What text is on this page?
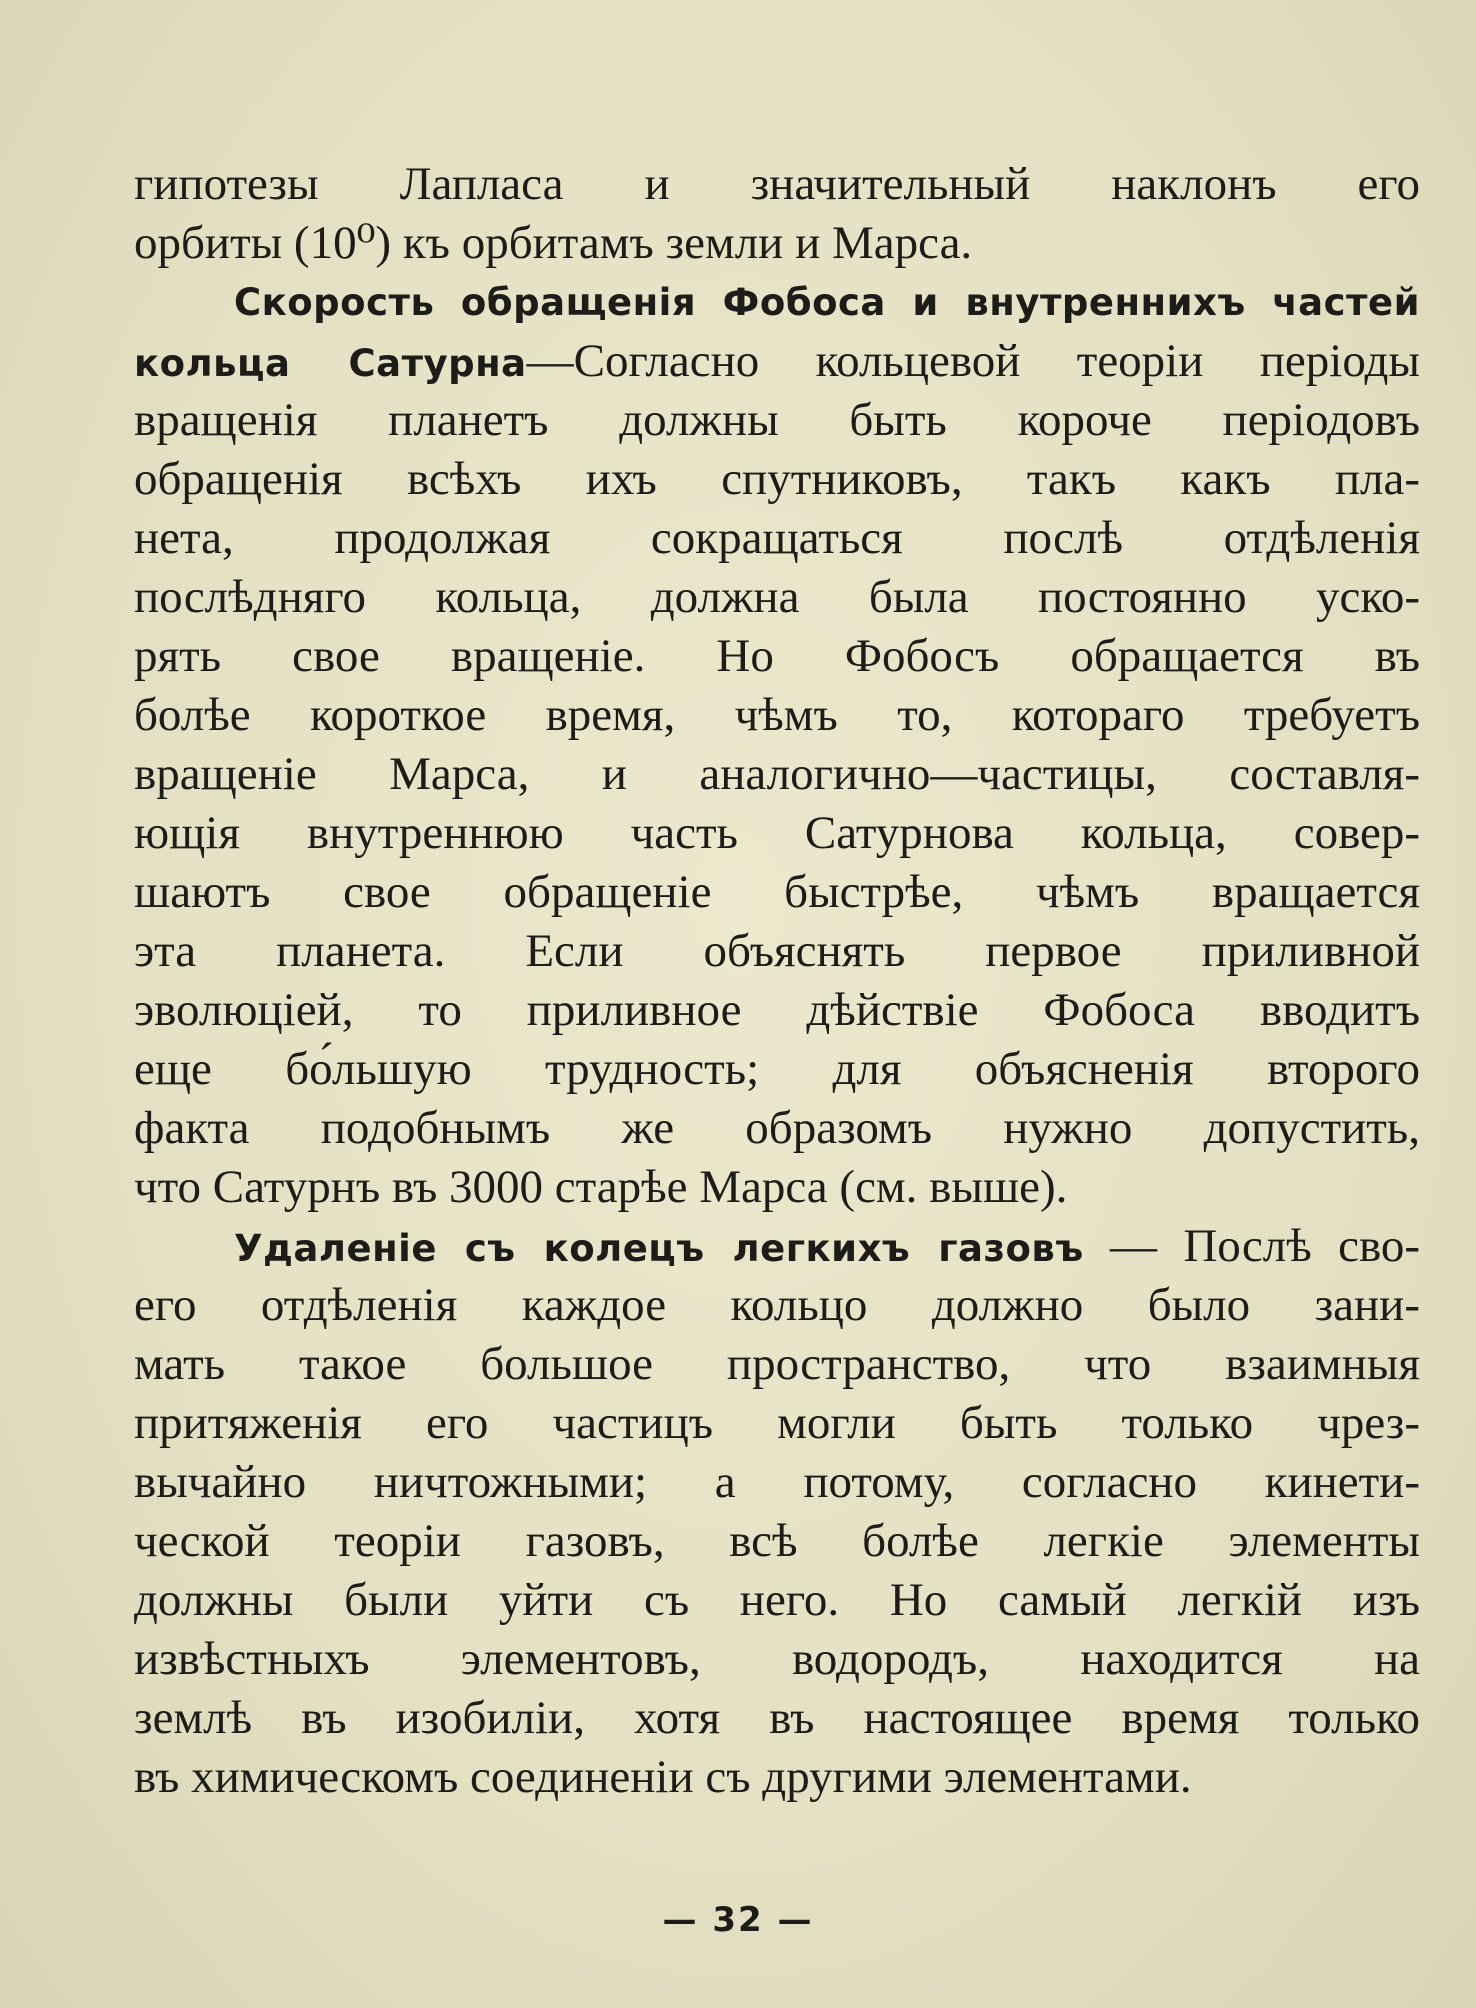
гипотезы Лапласа и значительный наклонъ его
орбиты (10⁰) къ орбитамъ земли и Марса.
Скорость обращенія Фобоса и внутреннихъ частей
кольца Сатурна—Согласно кольцевой теоріи періоды
вращенія планетъ должны быть короче періодовъ
обращенія всѣхъ ихъ спутниковъ, такъ какъ пла-
нета, продолжая сокращаться послѣ отдѣленія
послѣдняго кольца, должна была постоянно уско-
рять свое вращеніе. Но Фобосъ обращается въ
болѣе короткое время, чѣмъ то, котораго требуетъ
вращеніе Марса, и аналогично—частицы, составля-
ющія внутреннюю часть Сатурнова кольца, совер-
шаютъ свое обращеніе быстрѣе, чѣмъ вращается
эта планета. Если объяснять первое приливной
эволюціей, то приливное дѣйствіе Фобоса вводитъ
еще бо́льшую трудность; для объясненія второго
факта подобнымъ же образомъ нужно допустить,
что Сатурнъ въ 3000 старѣе Марса (см. выше).
Удаленіе съ колецъ легкихъ газовъ — Послѣ сво-
его отдѣленія каждое кольцо должно было зани-
мать такое большое пространство, что взаимныя
притяженія его частицъ могли быть только чрез-
вычайно ничтожными; а потому, согласно кинети-
ческой теоріи газовъ, всѣ болѣе легкіе элементы
должны были уйти съ него. Но самый легкій изъ
извѣстныхъ элементовъ, водородъ, находится на
землѣ въ изобиліи, хотя въ настоящее время только
въ химическомъ соединеніи съ другими элементами.
— 32 —
